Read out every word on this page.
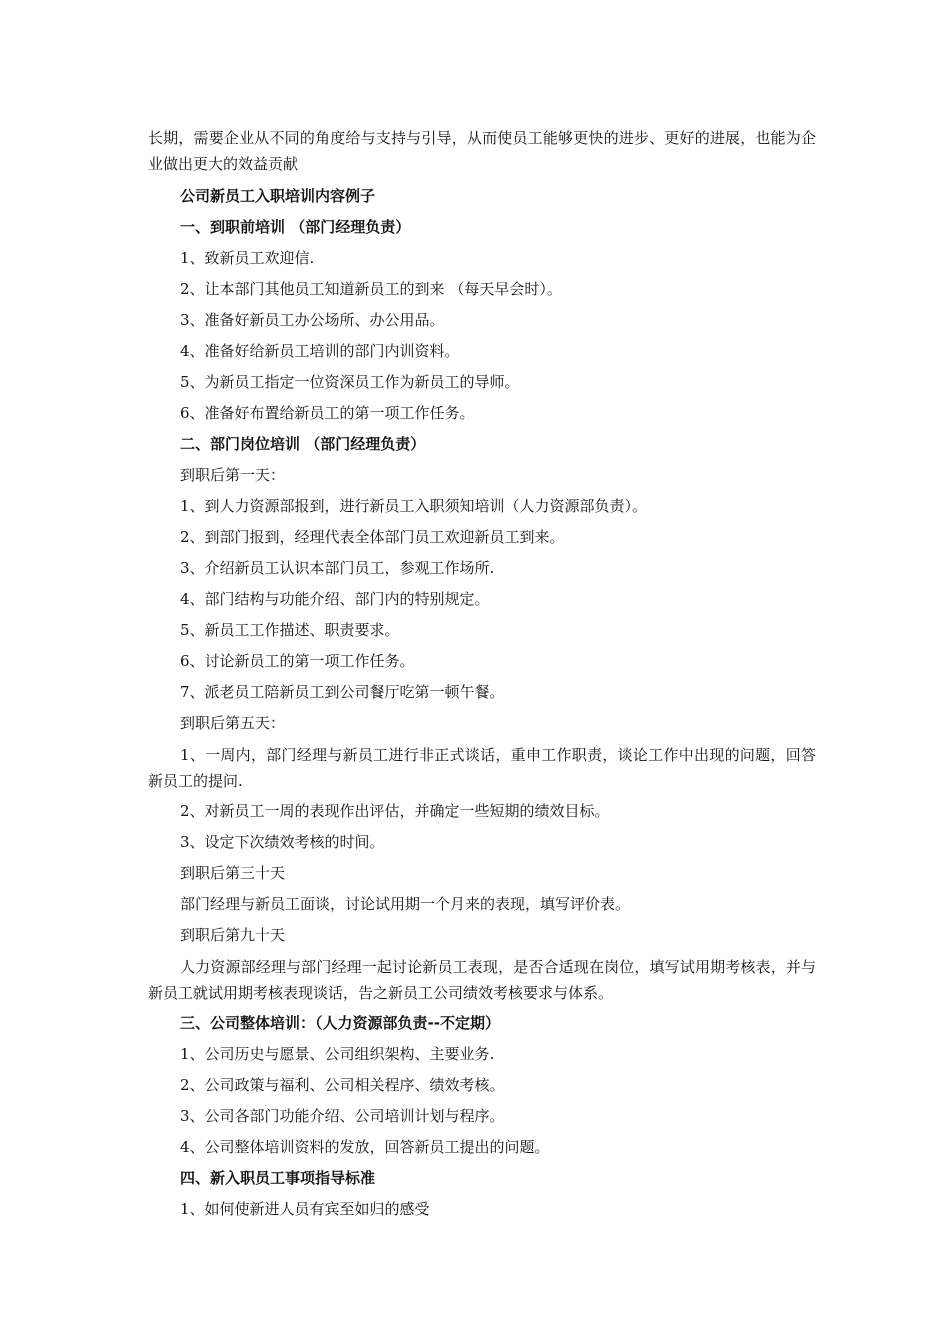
长期，需要企业从不同的角度给与支持与引导，从而使员工能够更快的进步、更好的进展，也能为企业做出更大的效益贡献

公司新员工入职培训内容例子

一、到职前培训 （部门经理负责）

1、致新员工欢迎信.

2、让本部门其他员工知道新员工的到来 （每天早会时）。

3、准备好新员工办公场所、办公用品。

4、准备好给新员工培训的部门内训资料。

5、为新员工指定一位资深员工作为新员工的导师。

6、准备好布置给新员工的第一项工作任务。

二、部门岗位培训 （部门经理负责）

到职后第一天：

1、到人力资源部报到，进行新员工入职须知培训（人力资源部负责）。

2、到部门报到，经理代表全体部门员工欢迎新员工到来。

3、介绍新员工认识本部门员工，参观工作场所.

4、部门结构与功能介绍、部门内的特别规定。

5、新员工工作描述、职责要求。

6、讨论新员工的第一项工作任务。

7、派老员工陪新员工到公司餐厅吃第一顿午餐。

到职后第五天：

1、一周内，部门经理与新员工进行非正式谈话，重申工作职责，谈论工作中出现的问题，回答新员工的提问.

2、对新员工一周的表现作出评估，并确定一些短期的绩效目标。

3、设定下次绩效考核的时间。

到职后第三十天

部门经理与新员工面谈，讨论试用期一个月来的表现，填写评价表。

到职后第九十天

人力资源部经理与部门经理一起讨论新员工表现，是否合适现在岗位，填写试用期考核表，并与新员工就试用期考核表现谈话，告之新员工公司绩效考核要求与体系。

三、公司整体培训：（人力资源部负责--不定期）

1、公司历史与愿景、公司组织架构、主要业务.

2、公司政策与福利、公司相关程序、绩效考核。

3、公司各部门功能介绍、公司培训计划与程序。

4、公司整体培训资料的发放，回答新员工提出的问题。

四、新入职员工事项指导标准

1、如何使新进人员有宾至如归的感受
